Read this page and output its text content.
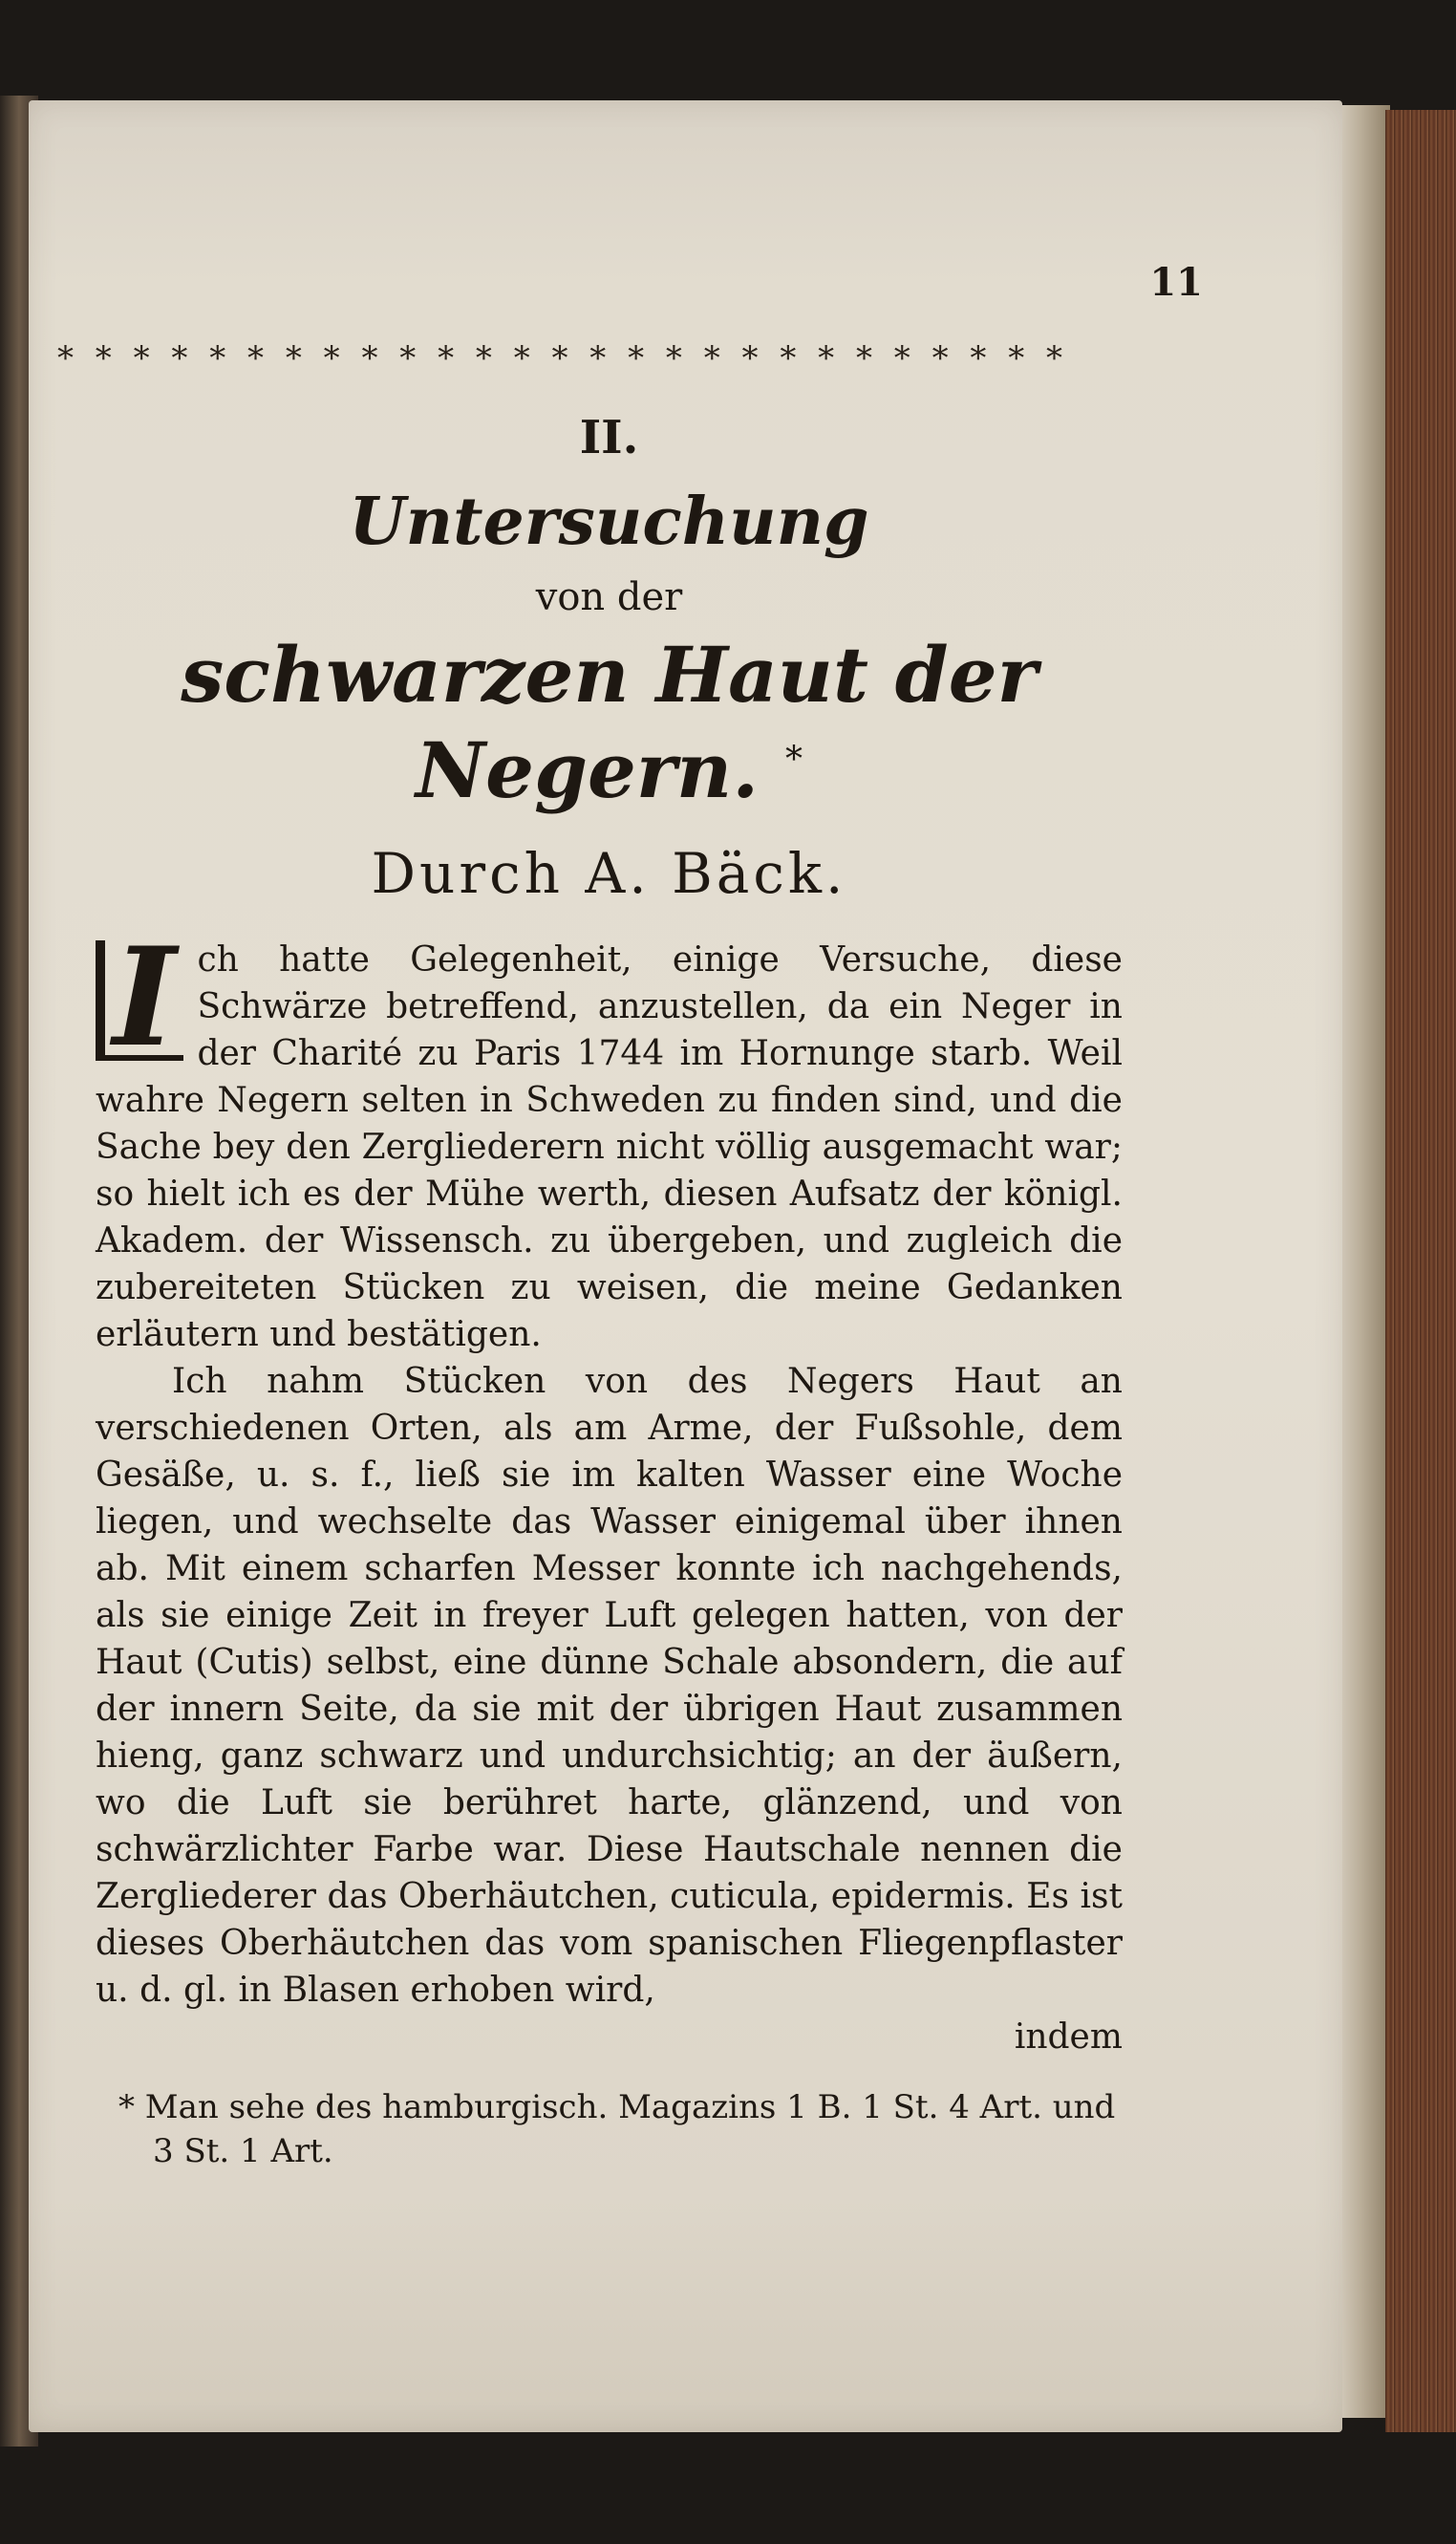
11
* * * * * * * * * * * * * * * * * * * * * * * * * * *
II.
Untersuchung
von der
schwarzen Haut der Negern. *
Durch A. Bäck.

I ch hatte Gelegenheit, einige Versuche, diese Schwärze betreffend, anzustellen, da ein Neger in der Charité zu Paris 1744 im Hornunge starb. Weil wahre Negern selten in Schweden zu finden sind, und die Sache bey den Zergliederern nicht völlig ausgemacht war; so hielt ich es der Mühe werth, diesen Aufsatz der königl. Akadem. der Wissensch. zu übergeben, und zugleich die zubereiteten Stücken zu weisen, die meine Gedanken erläutern und bestätigen.

Ich nahm Stücken von des Negers Haut an verschiedenen Orten, als am Arme, der Fußsohle, dem Gesäße, u. s. f., ließ sie im kalten Wasser eine Woche liegen, und wechselte das Wasser einigemal über ihnen ab. Mit einem scharfen Messer konnte ich nachgehends, als sie einige Zeit in freyer Luft gelegen hatten, von der Haut (Cutis) selbst, eine dünne Schale absondern, die auf der innern Seite, da sie mit der übrigen Haut zusammen hieng, ganz schwarz und undurchsichtig; an der äußern, wo die Luft sie berühret harte, glänzend, und von schwärzlichter Farbe war. Diese Hautschale nennen die Zergliederer das Oberhäutchen, cuticula, epidermis. Es ist dieses Oberhäutchen das vom spanischen Fliegenpflaster u. d. gl. in Blasen erhoben wird,

indem

* Man sehe des hamburgisch. Magazins 1 B. 1 St. 4 Art. und 3 St. 1 Art.
